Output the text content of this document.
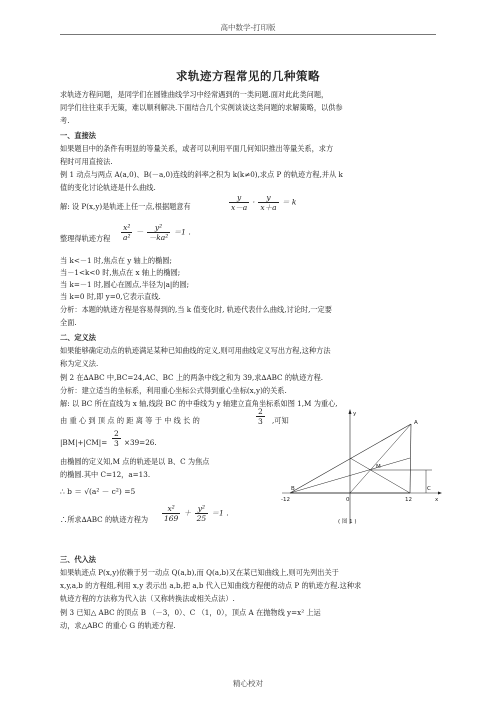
高中数学-打印版
求轨迹方程常见的几种策略
求轨迹方程问题，是同学们在圆锥曲线学习中经常遇到的一类问题.面对此此类问题，
同学们往往束手无策，难以顺利解决.下面结合几个实例谈谈这类问题的求解策略，以供参
考.
一、直接法
如果题目中的条件有明显的等量关系，或者可以利用平面几何知识推出等量关系，求方
程时可用直接法.
例 1 动点与两点 A(a,0)、B(－a,0)连线的斜率之积为 k(k≠0),求点 P 的轨迹方程,并从 k
值的变化讨论轨迹是什么曲线.
解: 设 P(x,y)是轨迹上任一点,根据题意有	$\frac{y}{x-a} \cdot \frac{y}{x+a} = k$
整理得轨迹方程	$\frac{\text{x²}}{\text{a²}} - \frac{\text{y²}}{\text{－ka²}} =1$ .
当 k<－1 时,焦点在 y 轴上的椭圆;
当－1<k<0 时,焦点在 x 轴上的椭圆;
当 k=－1 时,圆心在圆点,半径为|a|的圆;
当 k=0 时,即 y=0,它表示直线.
分析：本题的轨迹方程是容易得到的,当 k 值变化时, 轨迹代表什么曲线,讨论时,一定要
全面.
二、定义法
如果能够确定动点的轨迹满足某种已知曲线的定义,则可用曲线定义写出方程,这种方法
称为定义法.
例 2 在∆ABC 中,BC=24,AC、BC 上的两条中线之和为 39,求∆ABC 的轨迹方程.
分析：建立适当的坐标系，利用重心坐标公式得到重心坐标(x,y)的关系.
解: 以 BC 所在直线为 x 轴,线段 BC 的中垂线为 y 轴建立直角坐标系如图 1,M 为重心,
由 重 心 到 顶 点 的 距 离 等 于 中 线 长 的	$\frac{2}{3}$ ,可知
$|BM|+|CM|= \frac{2}{3} \times 39=26$.
由椭圆的定义知,M 点的轨迹是以 B、C 为焦点
的椭圆.其中 C=12，a=13.
∴ b ＝ √(a² － c²) =5
∴所求∆ABC 的轨迹方程为	$\frac{\text{x²}}{169} + \frac{\text{y²}}{25} =1$ .
y
x
A
M
C
B
0
-12	12
( 图 1 )
三、代入法
如果轨迹点 P(x,y)依赖于另一动点 Q(a,b),而 Q(a,b)又在某已知曲线上,则可先列出关于
x,y,a,b 的方程组,利用 x,y 表示出 a,b,把 a,b 代入已知曲线方程便的动点 P 的轨迹方程.这种求
轨迹方程的方法称为代入法（又称转换法或相关点法）.
例 3 已知△ ABC 的顶点 B （－3，0）、C （1，0），顶点 A 在抛物线 y=x² 上运
动，求△ABC 的重心 G 的轨迹方程.
精心校对
